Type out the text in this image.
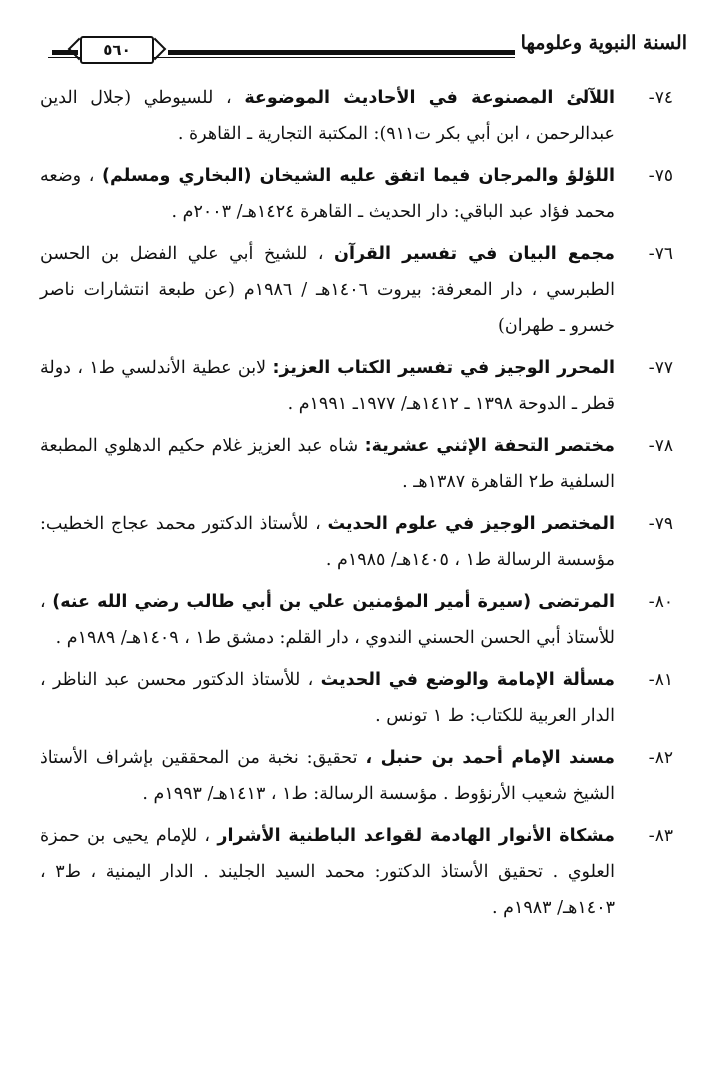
السنة النبوية وعلومها
٥٦٠
٧٤-
اللآلئ المصنوعة في الأحاديث الموضوعة ، للسيوطي (جلال الدين عبدالرحمن ، ابن أبي بكر ت٩١١): المكتبة التجارية ـ القاهرة .
٧٥-
اللؤلؤ والمرجان فيما اتفق عليه الشيخان (البخاري ومسلم) ، وضعه محمد فؤاد عبد الباقي: دار الحديث ـ القاهرة ١٤٢٤هـ/ ٢٠٠٣م .
٧٦-
مجمع البيان في تفسير القرآن ، للشيخ أبي علي الفضل بن الحسن الطبرسي ، دار المعرفة: بيروت ١٤٠٦هـ / ١٩٨٦م (عن طبعة انتشارات ناصر خسرو ـ طهران)
٧٧-
المحرر الوجيز في تفسير الكتاب العزيز: لابن عطية الأندلسي ط١ ، دولة قطر ـ الدوحة ١٣٩٨ ـ ١٤١٢هـ/ ١٩٧٧ـ ١٩٩١م .
٧٨-
مختصر التحفة الإثني عشرية: شاه عبد العزيز غلام حكيم الدهلوي المطبعة السلفية ط٢ القاهرة ١٣٨٧هـ .
٧٩-
المختصر الوجيز في علوم الحديث ، للأستاذ الدكتور محمد عجاج الخطيب: مؤسسة الرسالة ط١ ، ١٤٠٥هـ/ ١٩٨٥م .
٨٠-
المرتضى (سيرة أمير المؤمنين علي بن أبي طالب رضي الله عنه) ، للأستاذ أبي الحسن الحسني الندوي ، دار القلم: دمشق ط١ ، ١٤٠٩هـ/ ١٩٨٩م .
٨١-
مسألة الإمامة والوضع في الحديث ، للأستاذ الدكتور محسن عبد الناظر ، الدار العربية للكتاب: ط ١ تونس .
٨٢-
مسند الإمام أحمد بن حنبل ، تحقيق: نخبة من المحققين بإشراف الأستاذ الشيخ شعيب الأرنؤوط . مؤسسة الرسالة: ط١ ، ١٤١٣هـ/ ١٩٩٣م .
٨٣-
مشكاة الأنوار الهادمة لقواعد الباطنية الأشرار ، للإمام يحيى بن حمزة العلوي . تحقيق الأستاذ الدكتور: محمد السيد الجليند . الدار اليمنية ، ط٣ ، ١٤٠٣هـ/ ١٩٨٣م .
